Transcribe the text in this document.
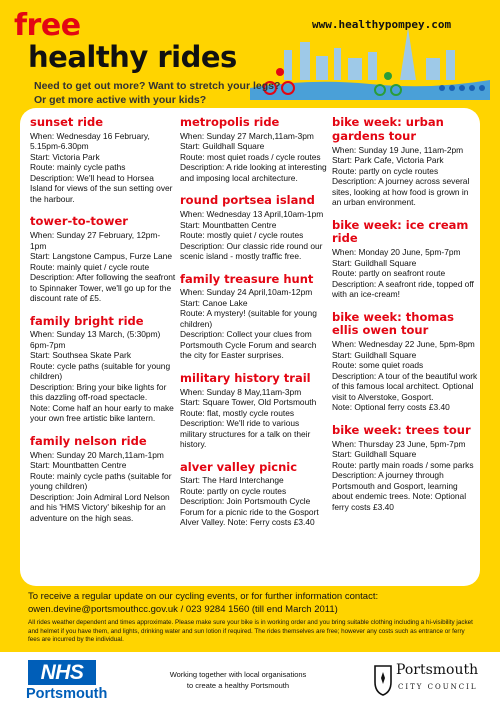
free
healthy rides
www.healthypompey.com
Need to get out more? Want to stretch your legs?
Or get more active with your kids?
sunset ride
When: Wednesday 16 February, 5.15pm-6.30pm
Start: Victoria Park
Route: mainly cycle paths
Description: We'll head to Horsea Island for views of the sun setting over the harbour.
tower-to-tower
When: Sunday 27 February, 12pm-1pm
Start: Langstone Campus, Furze Lane
Route: mainly quiet / cycle route
Description: After following the seafront to Spinnaker Tower, we'll go up for the discount rate of £5.
family bright ride
When: Sunday 13 March, (5:30pm) 6pm-7pm
Start: Southsea Skate Park
Route: cycle paths (suitable for young children)
Description: Bring your bike lights for this dazzling off-road spectacle.
Note: Come half an hour early to make your own free artistic bike lantern.
family nelson ride
When: Sunday 20 March,11am-1pm
Start: Mountbatten Centre
Route: mainly cycle paths (suitable for young children)
Description: Join Admiral Lord Nelson and his 'HMS Victory' bikeship for an adventure on the high seas.
metropolis ride
When: Sunday 27 March,11am-3pm
Start: Guildhall Square
Route: most quiet roads / cycle routes
Description: A ride looking at interesting and imposing local architecture.
round portsea island
When: Wednesday 13 April,10am-1pm
Start: Mountbatten Centre
Route: mostly quiet / cycle routes
Description: Our classic ride round our scenic island - mostly traffic free.
family treasure hunt
When: Sunday 24 April,10am-12pm
Start: Canoe Lake
Route: A mystery! (suitable for young children)
Description: Collect your clues from Portsmouth Cycle Forum and search the city for Easter surprises.
military history trail
When: Sunday 8 May,11am-3pm
Start: Square Tower, Old Portsmouth
Route: flat, mostly cycle routes
Description: We'll ride to various military structures for a talk on their history.
alver valley picnic
Start: The Hard Interchange
Route: partly on cycle routes
Description: Join Portsmouth Cycle Forum for a picnic ride to the Gosport Alver Valley. Note: Ferry costs £3.40
bike week: urban gardens tour
When: Sunday 19 June, 11am-2pm
Start: Park Cafe, Victoria Park
Route: partly on cycle routes
Description: A journey across several sites, looking at how food is grown in an urban environment.
bike week: ice cream ride
When: Monday 20 June, 5pm-7pm
Start: Guildhall Square
Route: partly on seafront route
Description: A seafront ride, topped off with an ice-cream!
bike week: thomas ellis owen tour
When: Wednesday 22 June, 5pm-8pm
Start: Guildhall Square
Route: some quiet roads
Description: A tour of the beautiful work of this famous local architect. Optional visit to Alverstoke, Gosport.
Note: Optional ferry costs £3.40
bike week: trees tour
When: Thursday 23 June, 5pm-7pm
Start: Guildhall Square
Route: partly main roads / some parks
Description: A journey through Portsmouth and Gosport, learning about endemic trees. Note: Optional ferry costs £3.40
To receive a regular update on our cycling events, or for further information contact:
owen.devine@portsmouthcc.gov.uk / 023 9284 1560 (till end March 2011)
All rides weather dependent and times approximate. Please make sure your bike is in working order and you bring suitable clothing including a hi-visibility jacket and helmet if you have them, and lights, drinking water and sun lotion if required. The rides themselves are free; however any costs such as entrance or ferry fees are incurred by the individual.
NHS
Portsmouth
Working together with local organisations
to create a healthy Portsmouth
Portsmouth
CITY COUNCIL
